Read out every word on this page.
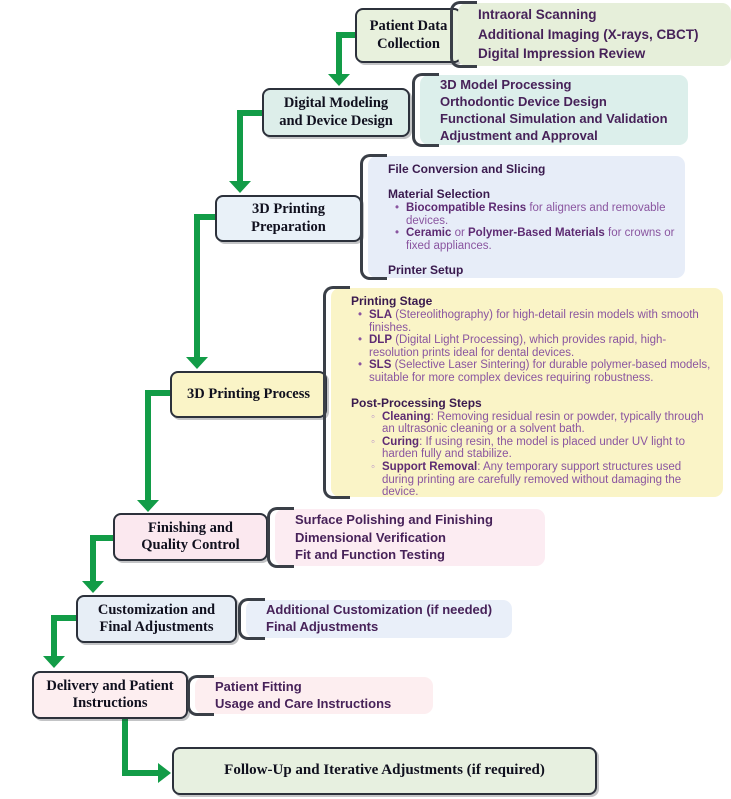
Patient Data Collection
Digital Modeling and Device Design
3D Printing Preparation
3D Printing Process
Finishing and Quality Control
Customization and Final Adjustments
Delivery and Patient Instructions
Follow-Up and Iterative Adjustments (if required)
Intraoral Scanning
Additional Imaging (X-rays, CBCT)
Digital Impression Review
3D Model Processing
Orthodontic Device Design
Functional Simulation and Validation
Adjustment and Approval
File Conversion and Slicing
Material Selection
• Biocompatible Resins for aligners and removable devices.
• Ceramic or Polymer-Based Materials for crowns or fixed appliances.
Printer Setup
Printing Stage
• SLA (Stereolithography) for high-detail resin models with smooth finishes.
• DLP (Digital Light Processing), which provides rapid, high-resolution prints ideal for dental devices.
• SLS (Selective Laser Sintering) for durable polymer-based models, suitable for more complex devices requiring robustness.
Post-Processing Steps
◦ Cleaning: Removing residual resin or powder, typically through an ultrasonic cleaning or a solvent bath.
◦ Curing: If using resin, the model is placed under UV light to harden fully and stabilize.
◦ Support Removal: Any temporary support structures used during printing are carefully removed without damaging the device.
Surface Polishing and Finishing
Dimensional Verification
Fit and Function Testing
Additional Customization (if needed)
Final Adjustments
Patient Fitting
Usage and Care Instructions
